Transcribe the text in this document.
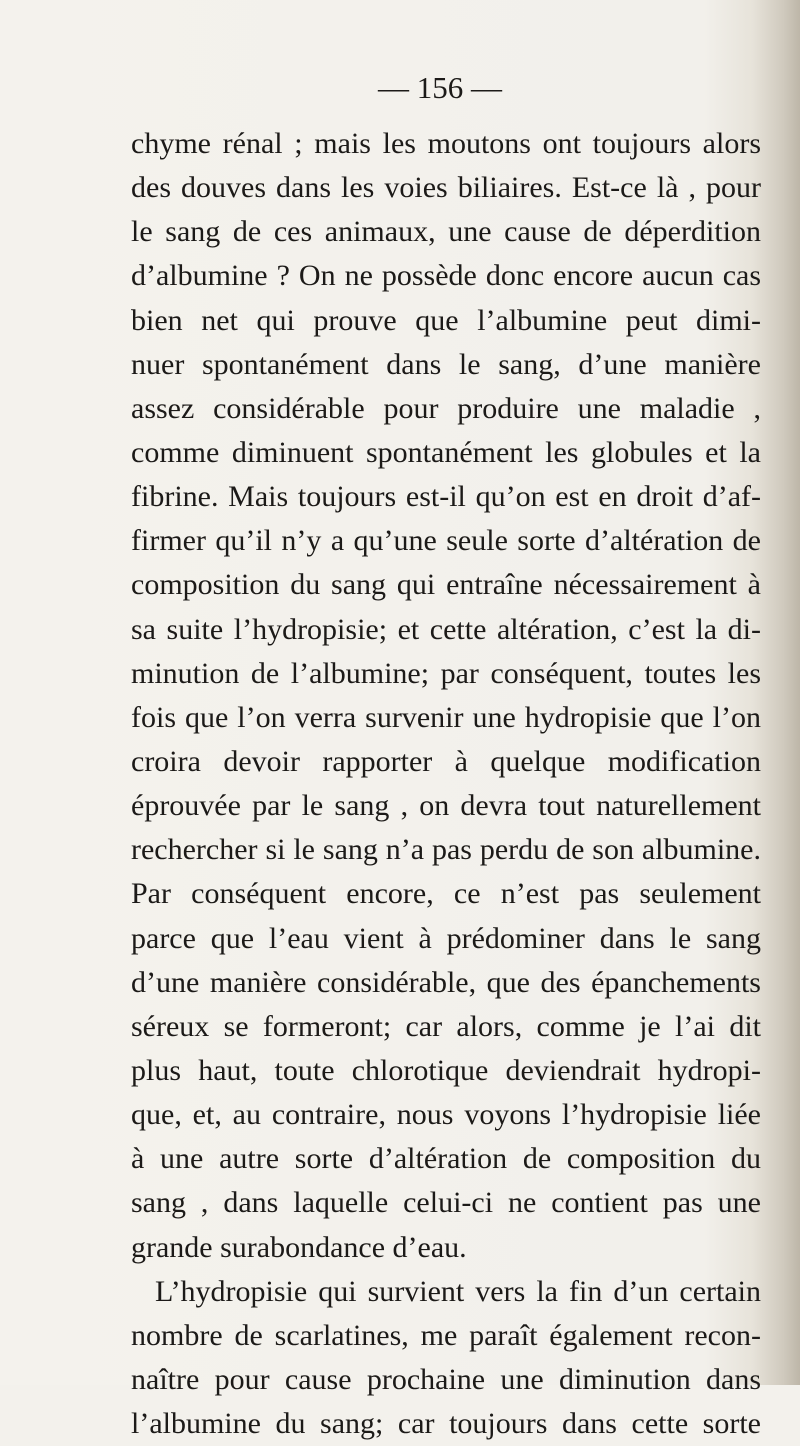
— 156 —
chyme rénal ; mais les moutons ont toujours alors
des douves dans les voies biliaires. Est-ce là , pour
le sang de ces animaux, une cause de déperdition
d’albumine ? On ne possède donc encore aucun cas
bien net qui prouve que l’albumine peut dimi-
nuer spontanément dans le sang, d’une manière
assez considérable pour produire une maladie ,
comme diminuent spontanément les globules et la
fibrine. Mais toujours est-il qu’on est en droit d’af-
firmer qu’il n’y a qu’une seule sorte d’altération de
composition du sang qui entraîne nécessairement à
sa suite l’hydropisie; et cette altération, c’est la di-
minution de l’albumine; par conséquent, toutes les
fois que l’on verra survenir une hydropisie que l’on
croira devoir rapporter à quelque modification
éprouvée par le sang , on devra tout naturellement
rechercher si le sang n’a pas perdu de son albumine.
Par conséquent encore, ce n’est pas seulement
parce que l’eau vient à prédominer dans le sang
d’une manière considérable, que des épanchements
séreux se formeront; car alors, comme je l’ai dit
plus haut, toute chlorotique deviendrait hydropi-
que, et, au contraire, nous voyons l’hydropisie liée
à une autre sorte d’altération de composition du
sang , dans laquelle celui-ci ne contient pas une
grande surabondance d’eau.
L’hydropisie qui survient vers la fin d’un certain
nombre de scarlatines, me paraît également recon-
naître pour cause prochaine une diminution dans
l’albumine du sang; car toujours dans cette sorte
